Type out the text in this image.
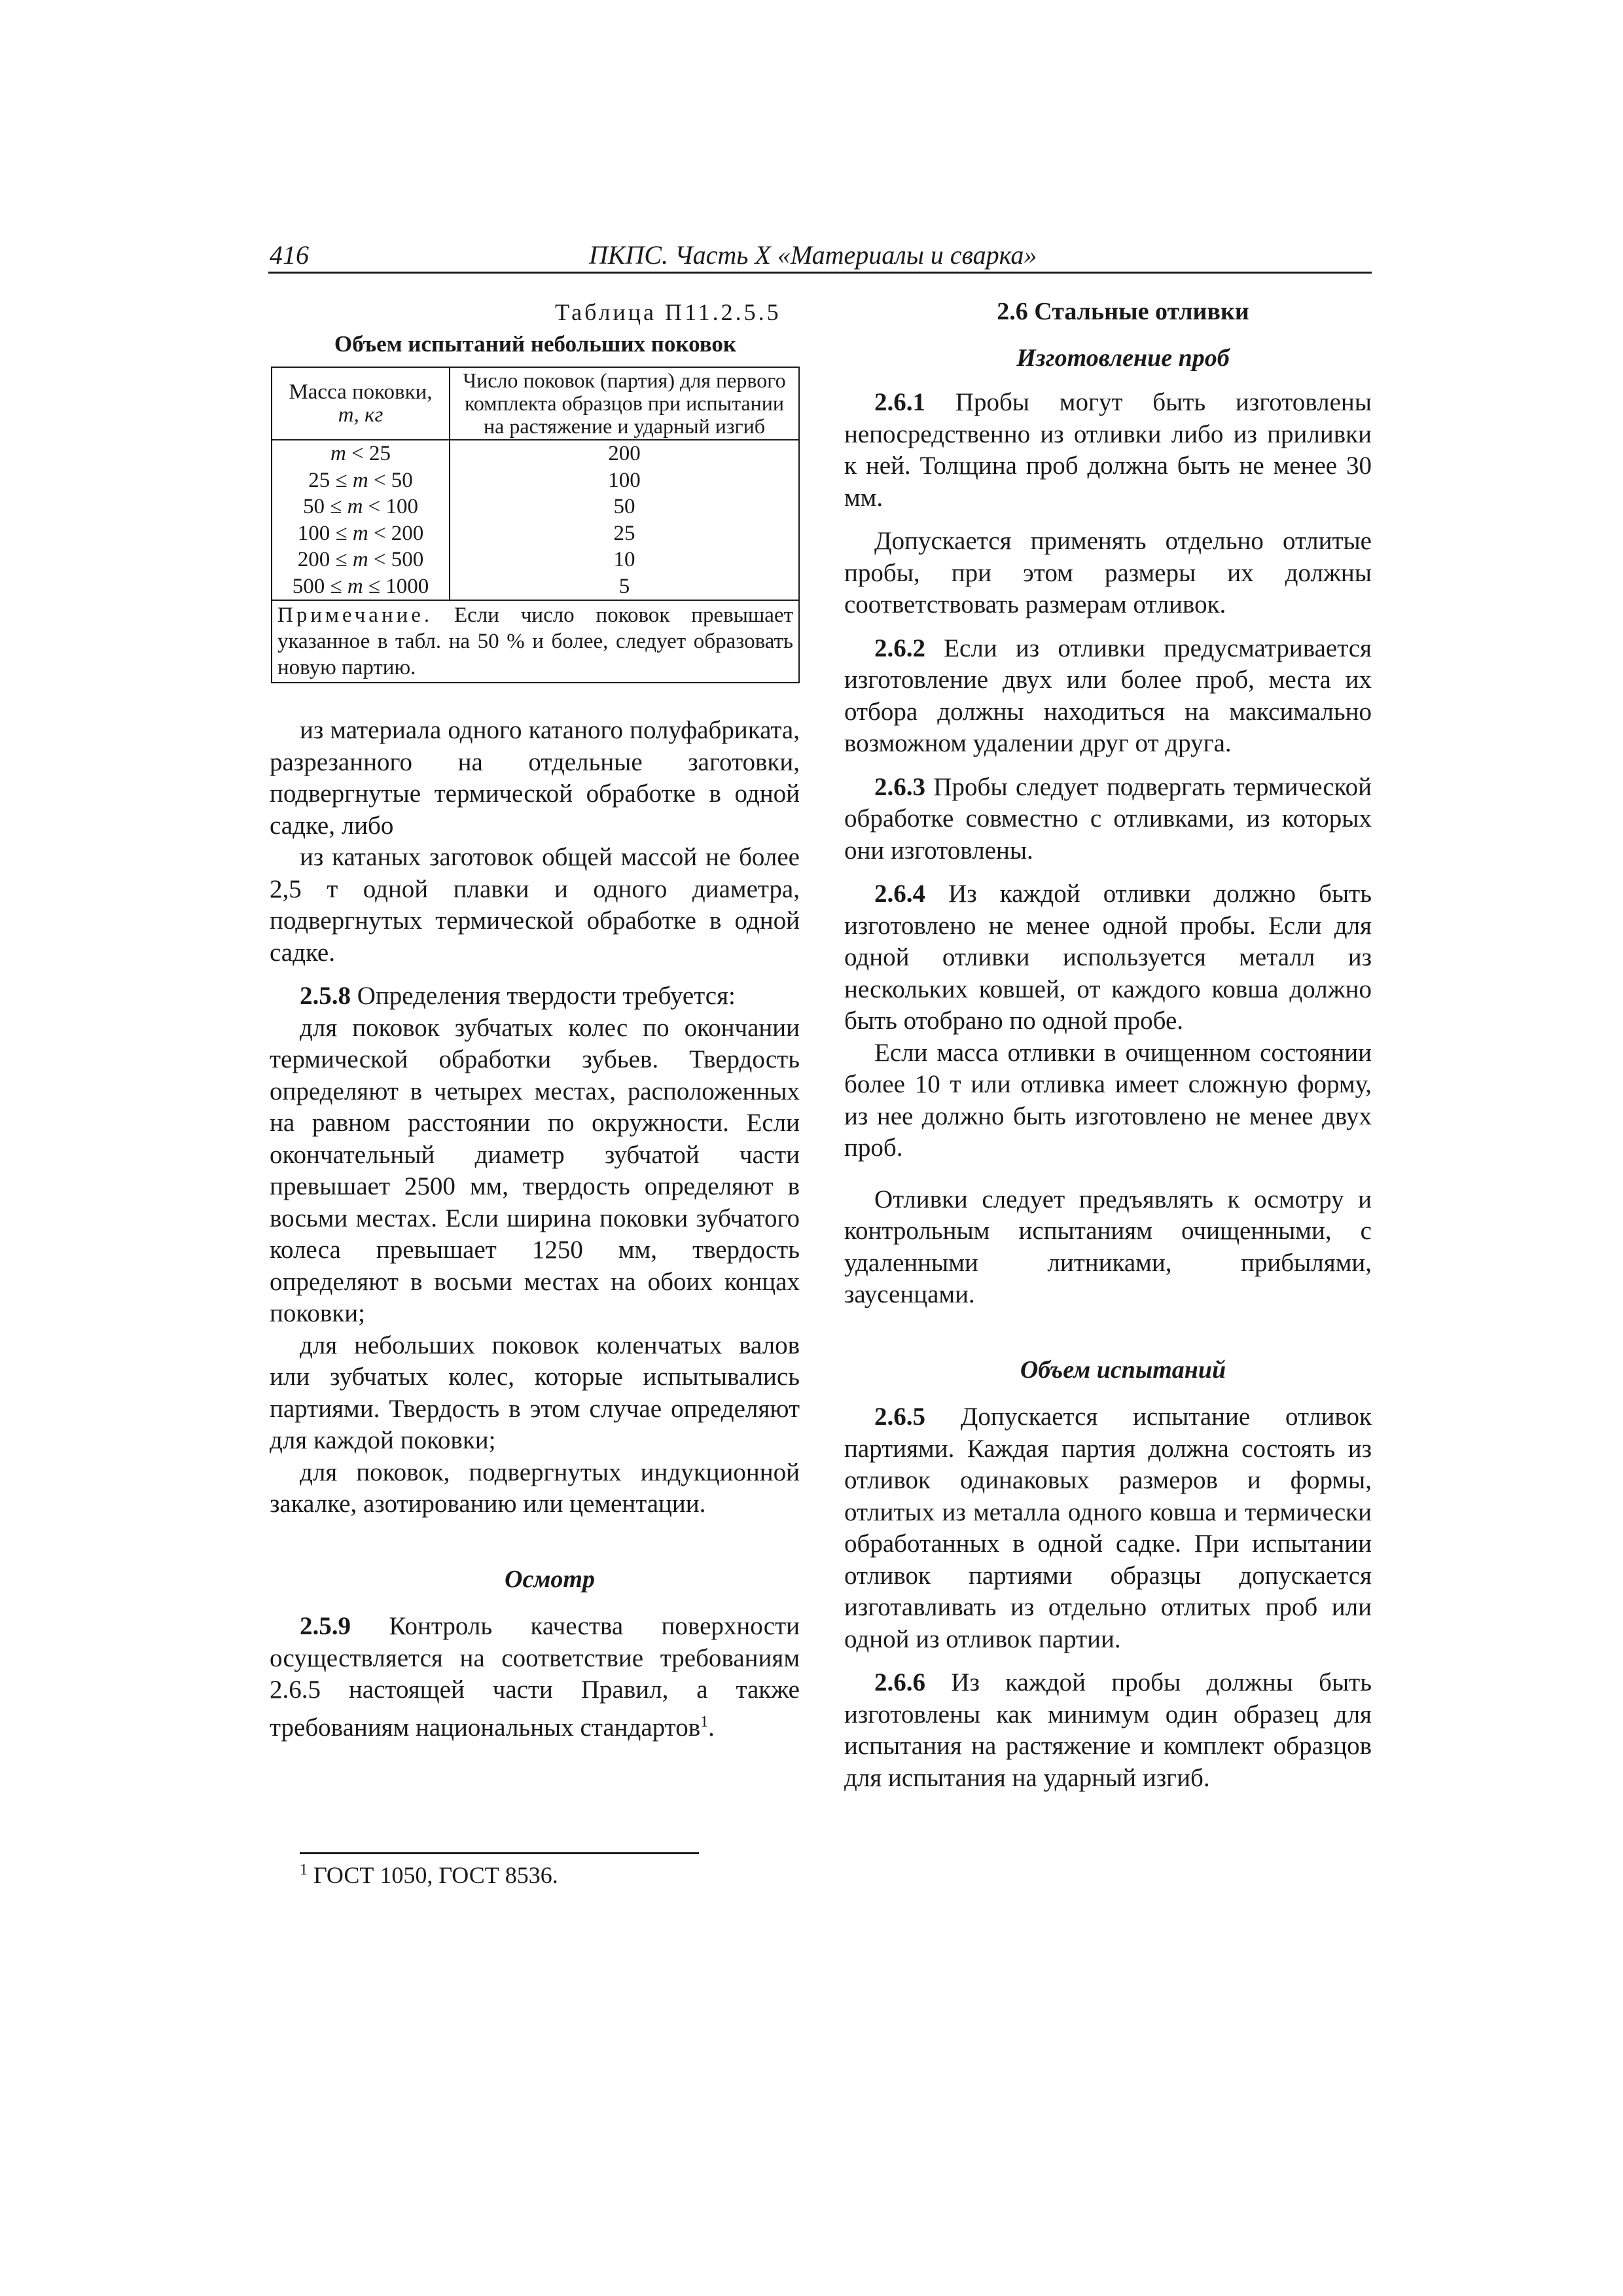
416	ПКПС. Часть X «Материалы и сварка»
Таблица П11.2.5.5
Объем испытаний небольших поковок
Масса поковки,
m, кг	Число поковок (партия) для первого комплекта образцов при испытании на растяжение и ударный изгиб
m < 25	200
25 ≤ m < 50	100
50 ≤ m < 100	50
100 ≤ m < 200	25
200 ≤ m < 500	10
500 ≤ m ≤ 1000	5
Примечание. Если число поковок превышает указанное в табл. на 50 % и более, следует образовать новую партию.	

из материала одного катаного полуфабриката, разрезанного на отдельные заготовки, подвергнутые термической обработке в одной садке, либо

из катаных заготовок общей массой не более 2,5 т одной плавки и одного диаметра, подвергнутых термической обработке в одной садке.

2.5.8 Определения твердости требуется:

для поковок зубчатых колес по окончании термической обработки зубьев. Твердость определяют в четырех местах, расположенных на равном расстоянии по окружности. Если окончательный диаметр зубчатой части превышает 2500 мм, твердость определяют в восьми местах. Если ширина поковки зубчатого колеса превышает 1250 мм, твердость определяют в восьми местах на обоих концах поковки;

для небольших поковок коленчатых валов или зубчатых колес, которые испытывались партиями. Твердость в этом случае определяют для каждой поковки;

для поковок, подвергнутых индукционной закалке, азотированию или цементации.

Осмотр

2.5.9 Контроль качества поверхности осуществляется на соответствие требованиям 2.6.5 настоящей части Правил, а также требованиям национальных стандартов$^1$.

$^1$ ГОСТ 1050, ГОСТ 8536.

2.6 Стальные отливки

Изготовление проб

2.6.1 Пробы могут быть изготовлены непосредственно из отливки либо из приливки к ней. Толщина проб должна быть не менее 30 мм.

Допускается применять отдельно отлитые пробы, при этом размеры их должны соответствовать размерам отливок.

2.6.2 Если из отливки предусматривается изготовление двух или более проб, места их отбора должны находиться на максимально возможном удалении друг от друга.

2.6.3 Пробы следует подвергать термической обработке совместно с отливками, из которых они изготовлены.

2.6.4 Из каждой отливки должно быть изготовлено не менее одной пробы. Если для одной отливки используется металл из нескольких ковшей, от каждого ковша должно быть отобрано по одной пробе.

Если масса отливки в очищенном состоянии более 10 т или отливка имеет сложную форму, из нее должно быть изготовлено не менее двух проб.

Отливки следует предъявлять к осмотру и контрольным испытаниям очищенными, с удаленными литниками, прибылями, заусенцами.

Объем испытаний

2.6.5 Допускается испытание отливок партиями. Каждая партия должна состоять из отливок одинаковых размеров и формы, отлитых из металла одного ковша и термически обработанных в одной садке. При испытании отливок партиями образцы допускается изготавливать из отдельно отлитых проб или одной из отливок партии.

2.6.6 Из каждой пробы должны быть изготовлены как минимум один образец для испытания на растяжение и комплект образцов для испытания на ударный изгиб.
